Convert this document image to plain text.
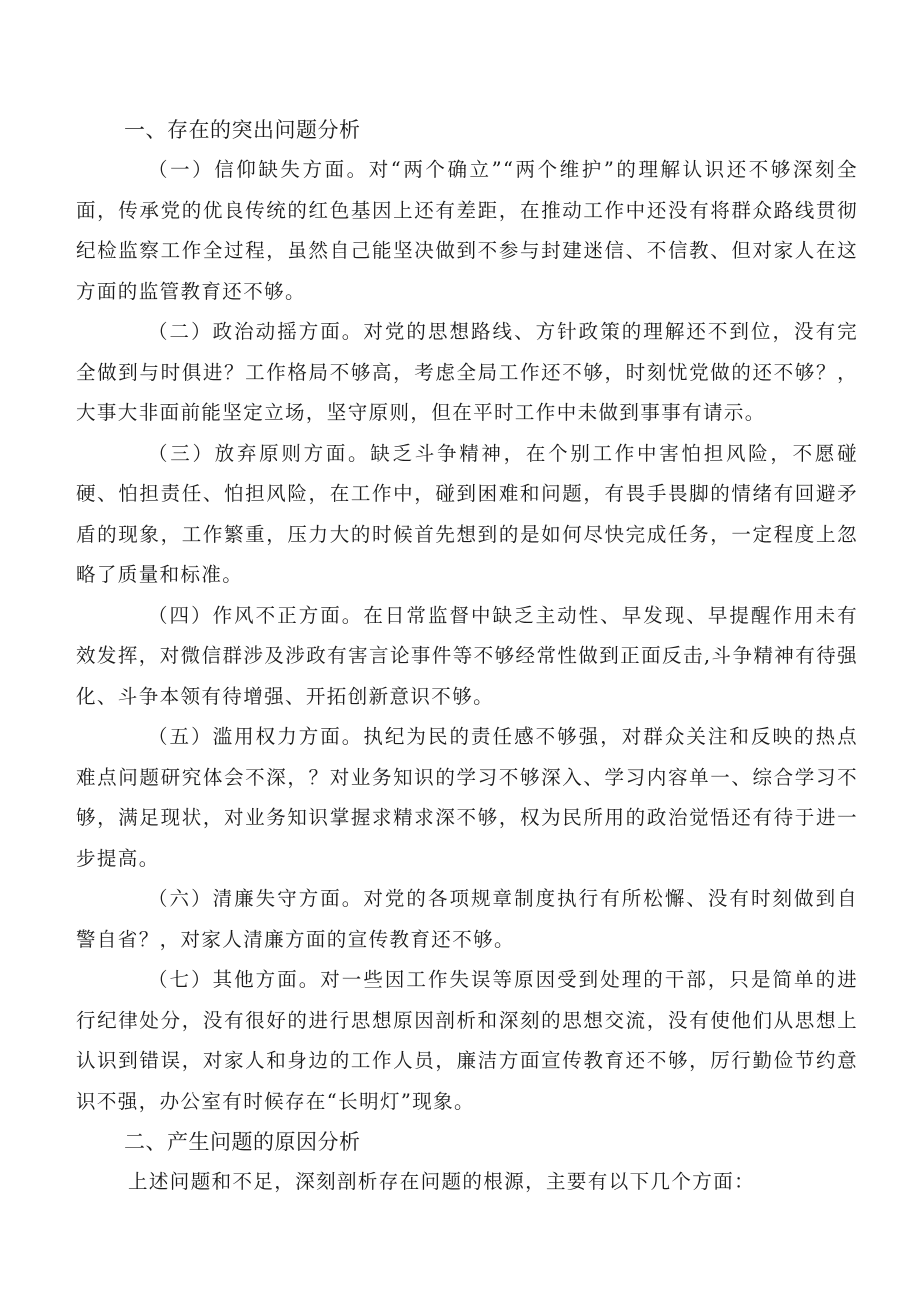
一、存在的突出问题分析

（一）信仰缺失方面。对“两个确立”“两个维护”的理解认识还不够深刻全面，传承党的优良传统的红色基因上还有差距，在推动工作中还没有将群众路线贯彻纪检监察工作全过程，虽然自己能坚决做到不参与封建迷信、不信教、但对家人在这方面的监管教育还不够。

（二）政治动摇方面。对党的思想路线、方针政策的理解还不到位，没有完全做到与时俱进？工作格局不够高，考虑全局工作还不够，时刻忧党做的还不够？，大事大非面前能坚定立场，坚守原则，但在平时工作中未做到事事有请示。

（三）放弃原则方面。缺乏斗争精神，在个别工作中害怕担风险，不愿碰硬、怕担责任、怕担风险，在工作中，碰到困难和问题，有畏手畏脚的情绪有回避矛盾的现象，工作繁重，压力大的时候首先想到的是如何尽快完成任务，一定程度上忽略了质量和标准。

（四）作风不正方面。在日常监督中缺乏主动性、早发现、早提醒作用未有效发挥，对微信群涉及涉政有害言论事件等不够经常性做到正面反击,斗争精神有待强化、斗争本领有待增强、开拓创新意识不够。

（五）滥用权力方面。执纪为民的责任感不够强，对群众关注和反映的热点难点问题研究体会不深，？对业务知识的学习不够深入、学习内容单一、综合学习不够，满足现状，对业务知识掌握求精求深不够，权为民所用的政治觉悟还有待于进一步提高。

（六）清廉失守方面。对党的各项规章制度执行有所松懈、没有时刻做到自警自省？，对家人清廉方面的宣传教育还不够。

（七）其他方面。对一些因工作失误等原因受到处理的干部，只是简单的进行纪律处分，没有很好的进行思想原因剖析和深刻的思想交流，没有使他们从思想上认识到错误，对家人和身边的工作人员，廉洁方面宣传教育还不够，厉行勤俭节约意识不强，办公室有时候存在“长明灯”现象。

二、产生问题的原因分析

上述问题和不足，深刻剖析存在问题的根源，主要有以下几个方面：
